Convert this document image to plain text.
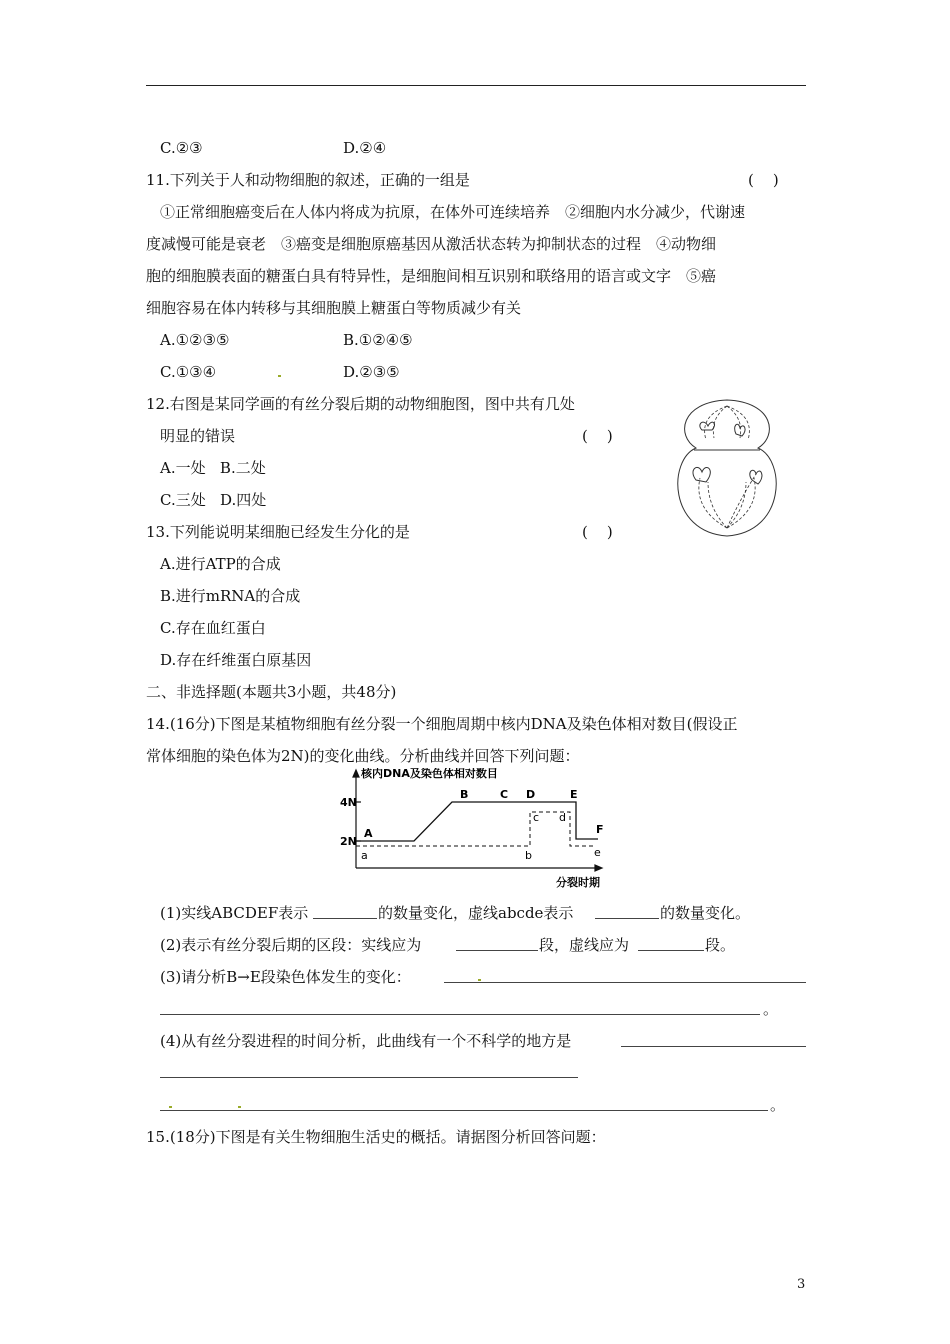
C.②③	D.②④
11.下列关于人和动物细胞的叙述，正确的一组是	(    )
①正常细胞癌变后在人体内将成为抗原，在体外可连续培养　②细胞内水分减少，代谢速
度减慢可能是衰老　③癌变是细胞原癌基因从激活状态转为抑制状态的过程　④动物细
胞的细胞膜表面的糖蛋白具有特异性，是细胞间相互识别和联络用的语言或文字　⑤癌
细胞容易在体内转移与其细胞膜上糖蛋白等物质减少有关
A.①②③⑤	B.①②④⑤
C.①③④	D.②③⑤
12.右图是某同学画的有丝分裂后期的动物细胞图，图中共有几处
明显的错误	(    )
A.一处 B.二处
C.三处 D.四处
13.下列能说明某细胞已经发生分化的是	(    )
A.进行ATP的合成
B.进行mRNA的合成
C.存在血红蛋白
D.存在纤维蛋白原基因
二、非选择题(本题共3小题，共48分)
14.(16分)下图是某植物细胞有丝分裂一个细胞周期中核内DNA及染色体相对数目(假设正
常体细胞的染色体为2N)的变化曲线。分析曲线并回答下列问题：
核内DNA及染色体相对数目
分裂时期
4N
2N
A
B	C D	E
F
a	b
c d
e
(1)实线ABCDEF表示	的数量变化，虚线abcde表示	的数量变化。
(2)表示有丝分裂后期的区段：实线应为	段，虚线应为	段。
(3)请分析B→E段染色体发生的变化：
。
(4)从有丝分裂进程的时间分析，此曲线有一个不科学的地方是
。
15.(18分)下图是有关生物细胞生活史的概括。请据图分析回答问题：
3
